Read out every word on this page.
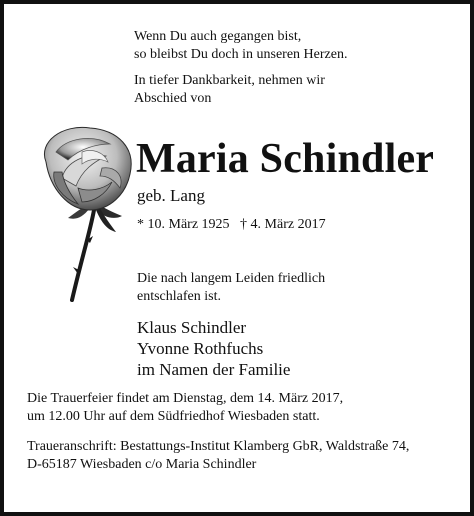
Wenn Du auch gegangen bist,
so bleibst Du doch in unseren Herzen.
In tiefer Dankbarkeit, nehmen wir
Abschied von
Maria Schindler
geb. Lang
* 10. März 1925   † 4. März 2017
Die nach langem Leiden friedlich
entschlafen ist.
Klaus Schindler
Yvonne Rothfuchs
im Namen der Familie
Die Trauerfeier findet am Dienstag, dem 14. März 2017,
um 12.00 Uhr auf dem Südfriedhof Wiesbaden statt.
Traueranschrift: Bestattungs-Institut Klamberg GbR, Waldstraße 74,
D-65187 Wiesbaden c/o Maria Schindler
